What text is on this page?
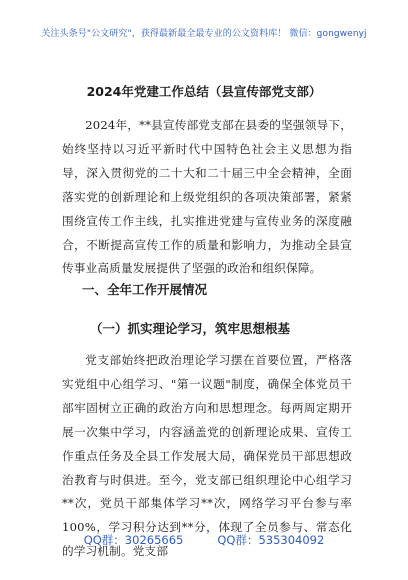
关注头条号"公文研究"，获得最新最全最专业的公文资料库！ 微信：gongwenyj
2024年党建工作总结（县宣传部党支部）

2024年，**县宣传部党支部在县委的坚强领导下，始终坚持以习近平新时代中国特色社会主义思想为指导，深入贯彻党的二十大和二十届三中全会精神，全面落实党的创新理论和上级党组织的各项决策部署，紧紧围绕宣传工作主线，扎实推进党建与宣传业务的深度融合，不断提高宣传工作的质量和影响力，为推动全县宣传事业高质量发展提供了坚强的政治和组织保障。

一、全年工作开展情况
（一）抓实理论学习，筑牢思想根基

党支部始终把政治理论学习摆在首要位置，严格落实党组中心组学习、"第一议题"制度，确保全体党员干部牢固树立正确的政治方向和思想理念。每两周定期开展一次集中学习，内容涵盖党的创新理论成果、宣传工作重点任务及全县工作发展大局，确保党员干部思想政治教育与时俱进。至今，党支部已组织理论中心组学习**次，党员干部集体学习**次，网络学习平台参与率100%，学习积分达到**分，体现了全员参与、常态化的学习机制。党支部

QQ群：30265665	QQ群：535304092
